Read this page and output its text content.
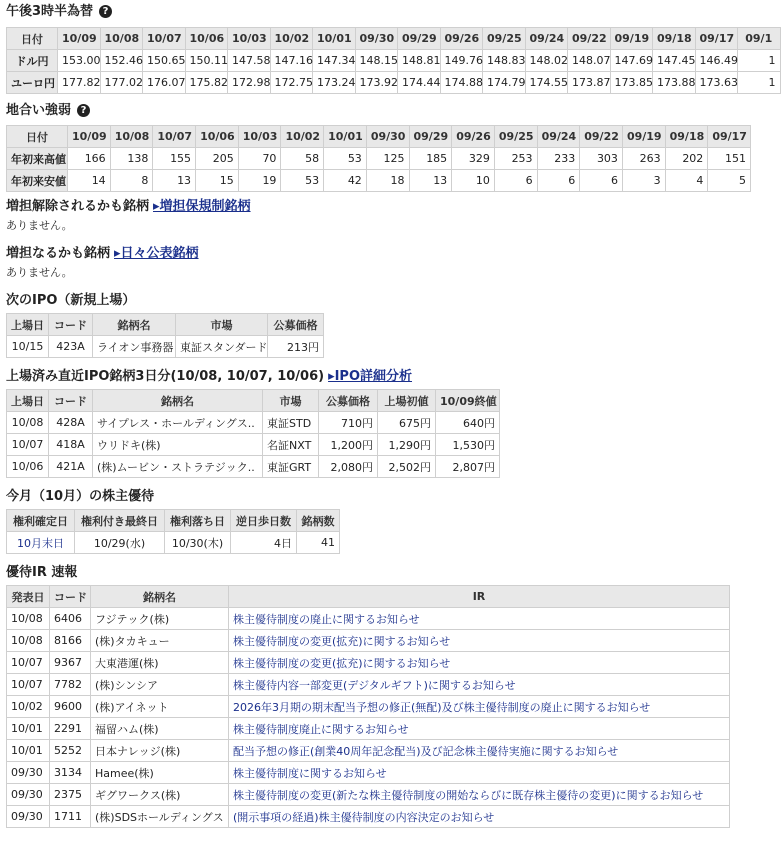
午後3時半為替 ?
日付	10/09	10/08	10/07	10/06	10/03	10/02	10/01	09/30	09/29	09/26	09/25	09/24	09/22	09/19	09/18	09/17	09/1
ドル円	153.00	152.46	150.65	150.11	147.58	147.16	147.34	148.15	148.81	149.76	148.83	148.02	148.07	147.69	147.45	146.49	1
ユーロ円	177.82	177.02	176.07	175.82	172.98	172.75	173.24	173.92	174.44	174.88	174.79	174.55	173.87	173.85	173.88	173.63	1
地合い強弱 ?
日付	10/09	10/08	10/07	10/06	10/03	10/02	10/01	09/30	09/29	09/26	09/25	09/24	09/22	09/19	09/18	09/17
年初来高値	166	138	155	205	70	58	53	125	185	329	253	233	303	263	202	151
年初来安値	14	8	13	15	19	53	42	18	13	10	6	6	6	3	4	5
増担解除されるかも銘柄 ▸増担保規制銘柄
ありません。
増担なるかも銘柄 ▸日々公表銘柄
ありません。
次のIPO（新規上場）
上場日	コード	銘柄名	市場	公募価格
10/15	423A	ライオン事務器	東証スタンダード	213円
上場済み直近IPO銘柄3日分(10/08, 10/07, 10/06) ▸IPO詳細分析
上場日	コード	銘柄名	市場	公募価格	上場初値	10/09終値
10/08	428A	サイプレス・ホールディングス..	東証STD	710円	675円	640円
10/07	418A	ウリドキ(株)	名証NXT	1,200円	1,290円	1,530円
10/06	421A	(株)ムービン・ストラテジック..	東証GRT	2,080円	2,502円	2,807円
今月（10月）の株主優待
権利確定日	権利付き最終日	権利落ち日	逆日歩日数	銘柄数
10月末日	10/29(水)	10/30(木)	4日	41
優待IR 速報
発表日	コード	銘柄名	IR
10/08	6406	フジテック(株)	株主優待制度の廃止に関するお知らせ
10/08	8166	(株)タカキュー	株主優待制度の変更(拡充)に関するお知らせ
10/07	9367	大東港運(株)	株主優待制度の変更(拡充)に関するお知らせ
10/07	7782	(株)シンシア	株主優待内容一部変更(デジタルギフト)に関するお知らせ
10/02	9600	(株)アイネット	2026年3月期の期末配当予想の修正(無配)及び株主優待制度の廃止に関するお知らせ
10/01	2291	福留ハム(株)	株主優待制度廃止に関するお知らせ
10/01	5252	日本ナレッジ(株)	配当予想の修正(創業40周年記念配当)及び記念株主優待実施に関するお知らせ
09/30	3134	Hamee(株)	株主優待制度に関するお知らせ
09/30	2375	ギグワークス(株)	株主優待制度の変更(新たな株主優待制度の開始ならびに既存株主優待の変更)に関するお知らせ
09/30	1711	(株)SDSホールディングス	(開示事項の経過)株主優待制度の内容決定のお知らせ
